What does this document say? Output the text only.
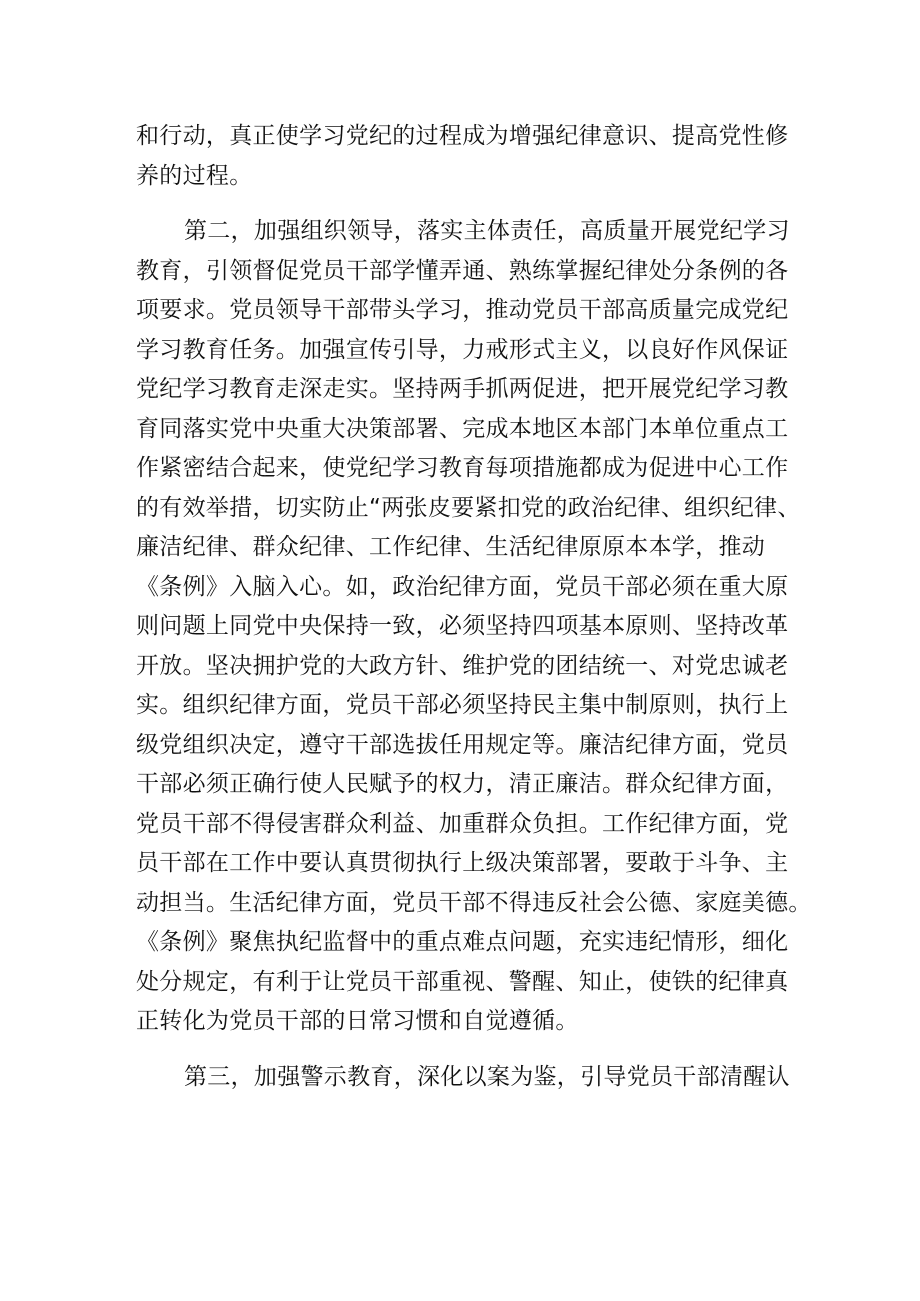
和行动，真正使学习党纪的过程成为增强纪律意识、提高党性修
养的过程。

第二，加强组织领导，落实主体责任，高质量开展党纪学习
教育，引领督促党员干部学懂弄通、熟练掌握纪律处分条例的各
项要求。党员领导干部带头学习，推动党员干部高质量完成党纪
学习教育任务。加强宣传引导，力戒形式主义，以良好作风保证
党纪学习教育走深走实。坚持两手抓两促进，把开展党纪学习教
育同落实党中央重大决策部署、完成本地区本部门本单位重点工
作紧密结合起来，使党纪学习教育每项措施都成为促进中心工作
的有效举措，切实防止“两张皮要紧扣党的政治纪律、组织纪律、
廉洁纪律、群众纪律、工作纪律、生活纪律原原本本学，推动
《条例》入脑入心。如，政治纪律方面，党员干部必须在重大原
则问题上同党中央保持一致，必须坚持四项基本原则、坚持改革
开放。坚决拥护党的大政方针、维护党的团结统一、对党忠诚老
实。组织纪律方面，党员干部必须坚持民主集中制原则，执行上
级党组织决定，遵守干部选拔任用规定等。廉洁纪律方面，党员
干部必须正确行使人民赋予的权力，清正廉洁。群众纪律方面，
党员干部不得侵害群众利益、加重群众负担。工作纪律方面，党
员干部在工作中要认真贯彻执行上级决策部署，要敢于斗争、主
动担当。生活纪律方面，党员干部不得违反社会公德、家庭美德。
《条例》聚焦执纪监督中的重点难点问题，充实违纪情形，细化
处分规定，有利于让党员干部重视、警醒、知止，使铁的纪律真
正转化为党员干部的日常习惯和自觉遵循。

第三，加强警示教育，深化以案为鉴，引导党员干部清醒认
